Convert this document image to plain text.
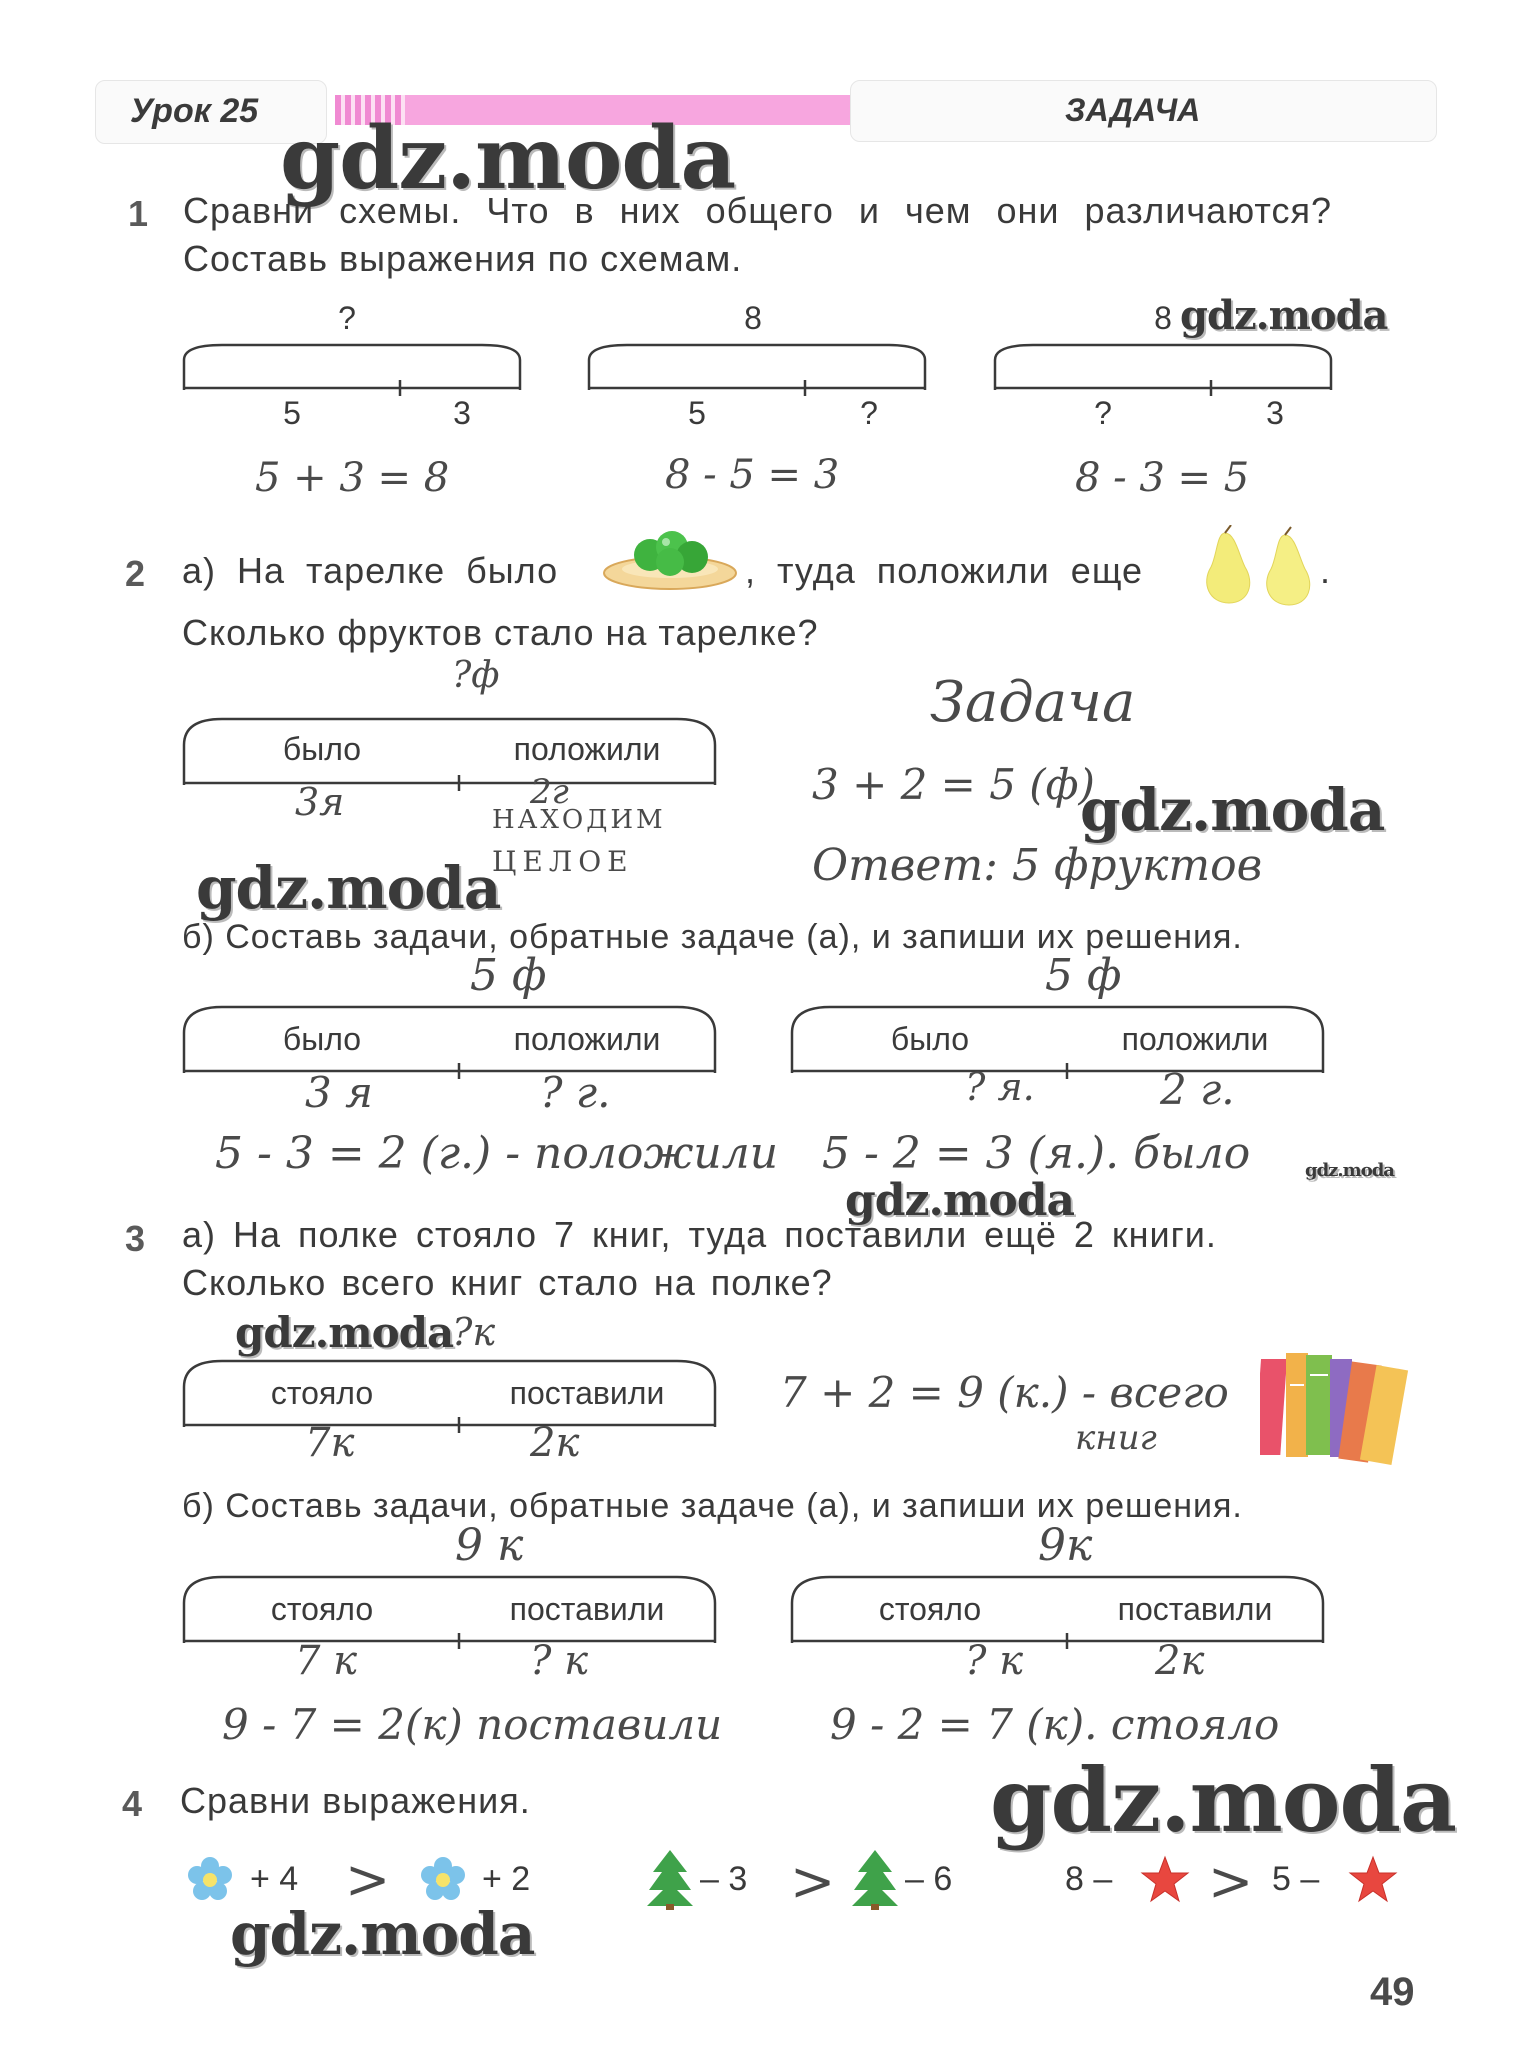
Урок 25	ЗАДАЧА
gdz.moda
gdz.moda
gdz.moda
gdz.moda
gdz.moda
gdz.moda
gdz.moda
gdz.moda
gdz.moda
1 Сравни схемы. Что в них общего и чем они различаются?
Составь выражения по схемам.
?
5	3
5 + 3 = 8
8
5	?
8 - 5 = 3
8
?	3
8 - 3 = 5
2 а) На тарелке было	, туда положили еще	.
Сколько фруктов стало на тарелке?
?ф
было	положили
3я	2г
НАХОДИМ
ЦЕЛОЕ
Задача
3 + 2 = 5 (ф)
Ответ: 5 фруктов
б) Составь задачи, обратные задаче (а), и запиши их решения.
5 ф
было	положили
3 я	? г.
5 - 3 = 2 (г.) - положили
5 ф
было	положили
? я.	2 г.
5 - 2 = 3 (я.). было
3 а) На полке стояло 7 книг, туда поставили ещё 2 книги.
Сколько всего книг стало на полке?
?к
стояло	поставили
7к	2к
7 + 2 = 9 (к.) - всего
книг
б) Составь задачи, обратные задаче (а), и запиши их решения.
9 к
стояло	поставили
7 к	? к
9 - 7 = 2(к) поставили
9к
стояло	поставили
? к	2к
9 - 2 = 7 (к). стояло
4 Сравни выражения.
+ 4 >	+ 2	– 3 > – 6	8 – > 5 –
49
